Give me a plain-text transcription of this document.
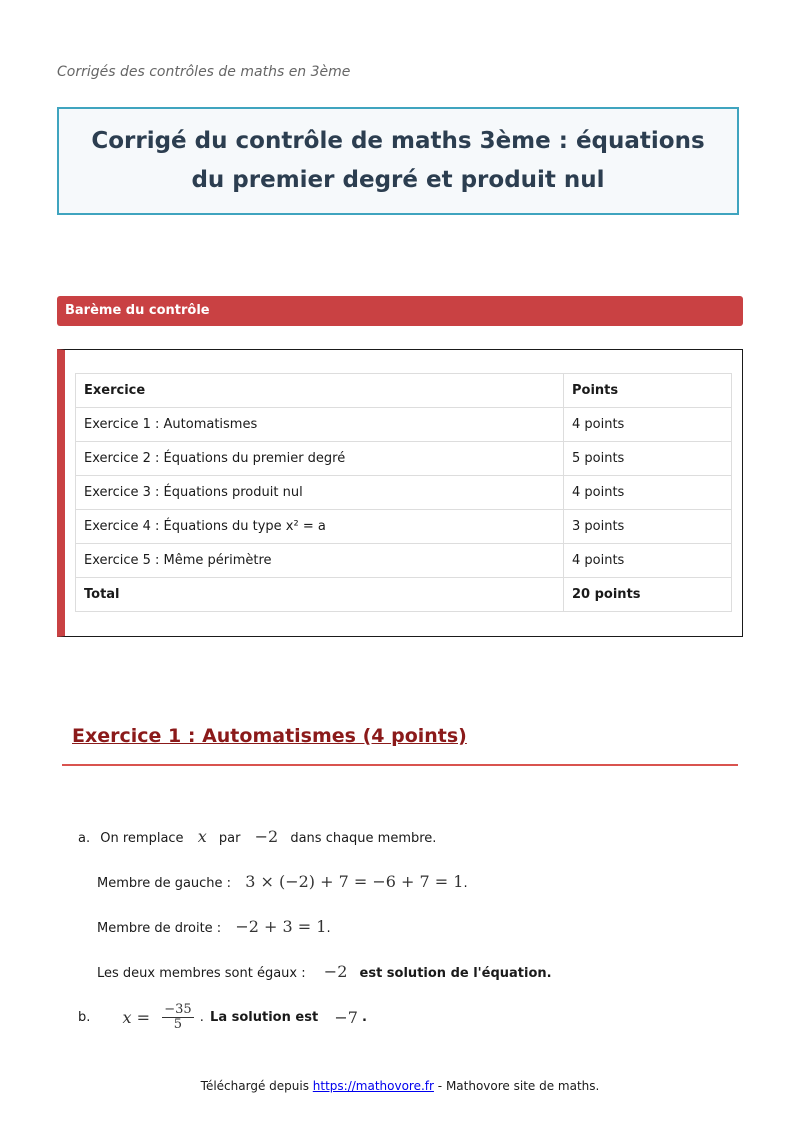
Corrigés des contrôles de maths en 3ème
Corrigé du contrôle de maths 3ème : équations du premier degré et produit nul
Barème du contrôle
Exercice	Points
Exercice 1 : Automatismes	4 points
Exercice 2 : Équations du premier degré	5 points
Exercice 3 : Équations produit nul	4 points
Exercice 4 : Équations du type x² = a	3 points
Exercice 5 : Même périmètre	4 points
Total	20 points
Exercice 1 : Automatismes (4 points)
a. On remplace x par −2 dans chaque membre.
Membre de gauche : 3 × (−2) + 7 = −6 + 7 = 1.
Membre de droite : −2 + 3 = 1.
Les deux membres sont égaux : −2 est solution de l'équation.
b. $x = \frac{-35}{5}$ . La solution est −7 .
Téléchargé depuis https://mathovore.fr - Mathovore site de maths.
